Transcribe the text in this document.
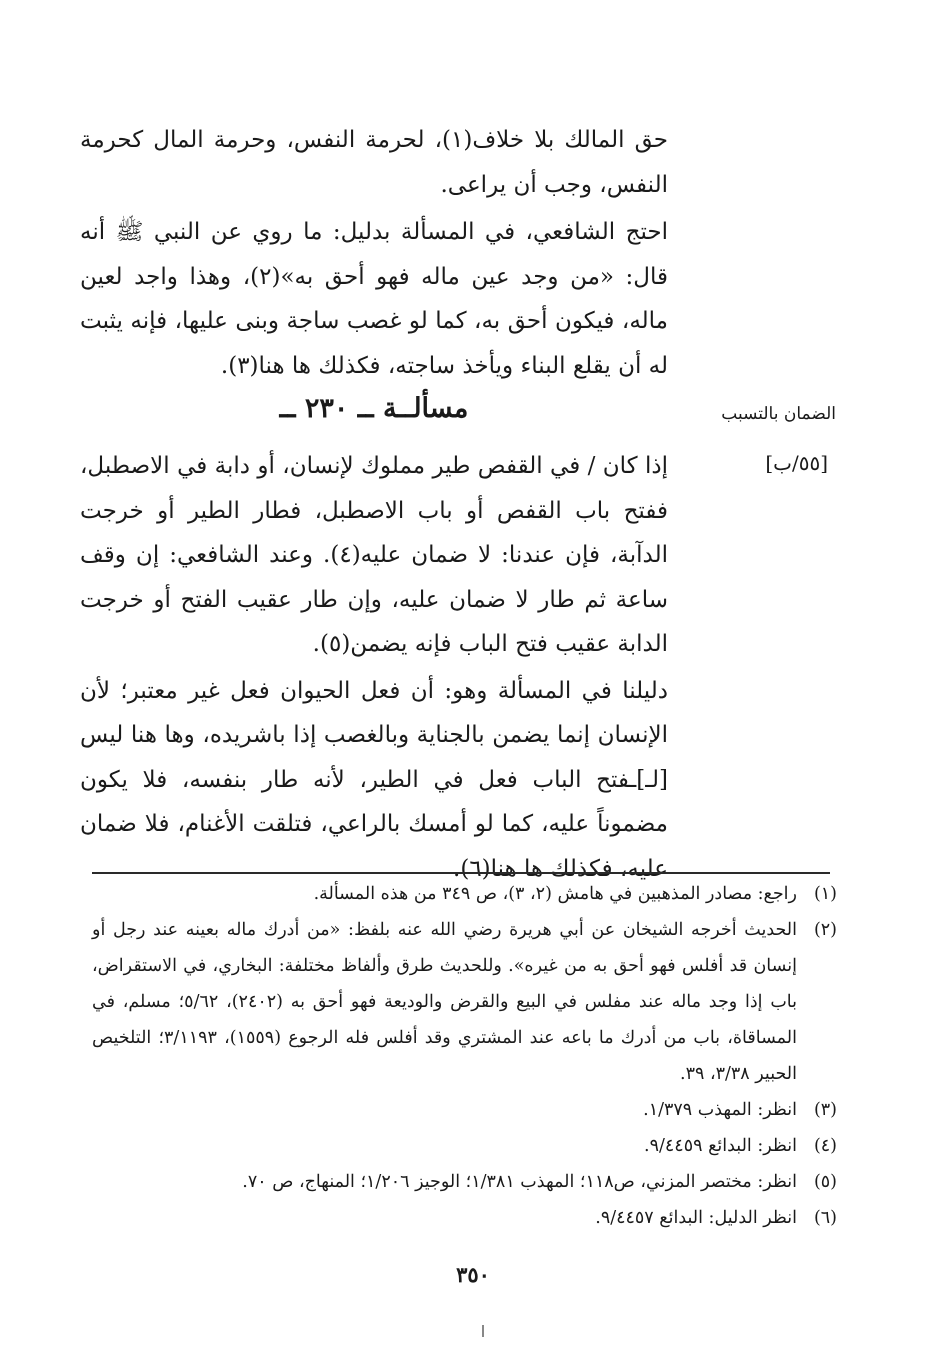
حق المالك بلا خلاف(١)، لحرمة النفس، وحرمة المال كحرمة النفس، وجب أن يراعى.

احتج الشافعي، في المسألة بدليل: ما روي عن النبي ﷺ أنه قال: «من وجد عين ماله فهو أحق به»(٢)، وهذا واجد لعين ماله، فيكون أحق به، كما لو غصب ساجة وبنى عليها، فإنه يثبت له أن يقلع البناء ويأخذ ساجته، فكذلك ها هنا(٣).

الضمان بالتسبب
مسألــة ــ ٢٣٠ ــ
[٥٥/ب]

إذا كان / في القفص طير مملوك لإنسان، أو دابة في الاصطبل، ففتح باب القفص أو باب الاصطبل، فطار الطير أو خرجت الدآبة، فإن عندنا: لا ضمان عليه(٤). وعند الشافعي: إن وقف ساعة ثم طار لا ضمان عليه، وإن طار عقيب الفتح أو خرجت الدابة عقيب فتح الباب فإنه يضمن(٥).

دليلنا في المسألة وهو: أن فعل الحيوان فعل غير معتبر؛ لأن الإنسان إنما يضمن بالجناية وبالغصب إذا باشريده، وها هنا ليس [لـ]ـفتح الباب فعل في الطير، لأنه طار بنفسه، فلا يكون مضموناً عليه، كما لو أمسك بالراعي، فتلقت الأغنام، فلا ضمان عليه، فكذلك ها هنا(٦).

(١)
راجع: مصادر المذهبين في هامش (٢، ٣)، ص ٣٤٩ من هذه المسألة.
(٢)
الحديث أخرجه الشيخان عن أبي هريرة رضي الله عنه بلفظ: «من أدرك ماله بعينه عند رجل أو إنسان قد أفلس فهو أحق به من غيره». وللحديث طرق وألفاظ مختلفة: البخاري، في الاستقراض، باب إذا وجد ماله عند مفلس في البيع والقرض والوديعة فهو أحق به (٢٤٠٢)، ٥/٦٢؛ مسلم، في المساقاة، باب من أدرك ما باعه عند المشتري وقد أفلس فله الرجوع (١٥٥٩)، ٣/١١٩٣؛ التلخيص الحبير ٣/٣٨، ٣٩.
(٣)
انظر: المهذب ١/٣٧٩.
(٤)
انظر: البدائع ٩/٤٤٥٩.
(٥)
انظر: مختصر المزني، ص١١٨؛ المهذب ١/٣٨١؛ الوجيز ١/٢٠٦؛ المنهاج، ص ٧٠.
(٦)
انظر الدليل: البدائع ٩/٤٤٥٧.
٣٥٠
